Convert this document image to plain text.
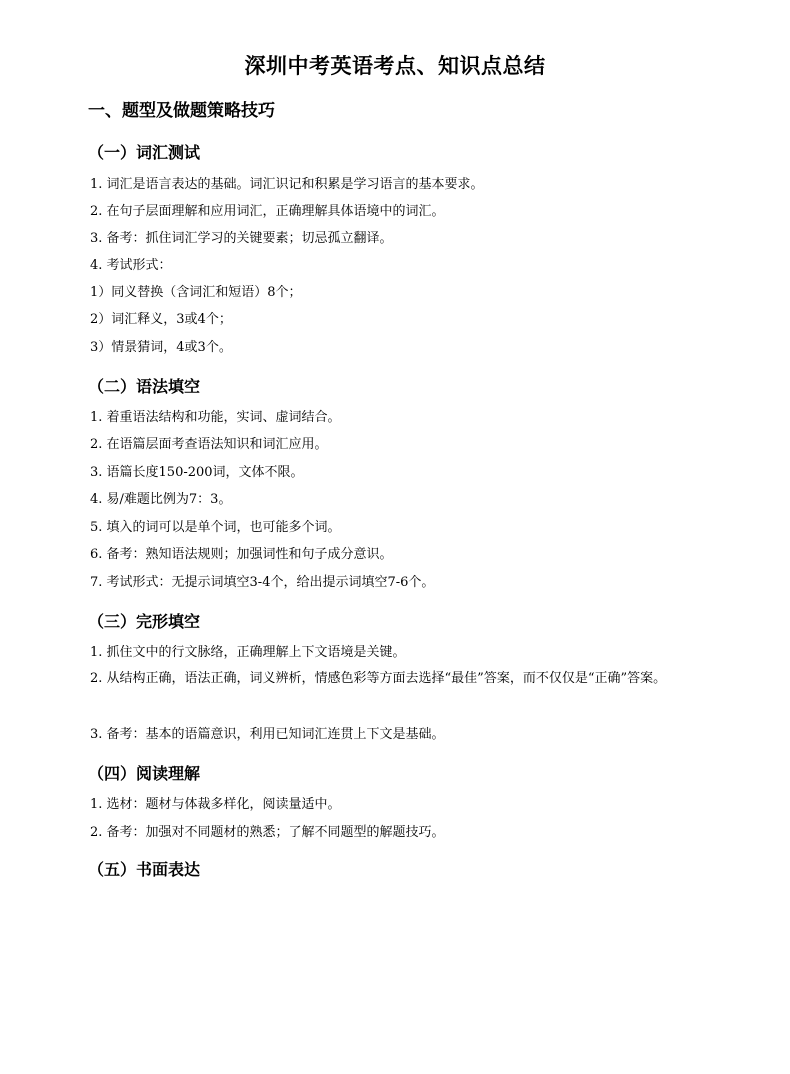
深圳中考英语考点、知识点总结
一、题型及做题策略技巧
（一）词汇测试
1. 词汇是语言表达的基础。词汇识记和积累是学习语言的基本要求。
2. 在句子层面理解和应用词汇，正确理解具体语境中的词汇。
3. 备考：抓住词汇学习的关键要素；切忌孤立翻译。
4. 考试形式：
1）同义替换（含词汇和短语）8个；
2）词汇释义，3或4个；
3）情景猜词，4或3个。
（二）语法填空
1. 着重语法结构和功能，实词、虚词结合。
2. 在语篇层面考查语法知识和词汇应用。
3. 语篇长度150-200词，文体不限。
4. 易/难题比例为7：3。
5. 填入的词可以是单个词，也可能多个词。
6. 备考：熟知语法规则；加强词性和句子成分意识。
7. 考试形式：无提示词填空3-4个，给出提示词填空7-6个。
（三）完形填空
1. 抓住文中的行文脉络，正确理解上下文语境是关键。
2. 从结构正确，语法正确，词义辨析，情感色彩等方面去选择“最佳”答案，而不仅仅是“正确”答案。
3. 备考：基本的语篇意识，利用已知词汇连贯上下文是基础。
（四）阅读理解
1. 选材：题材与体裁多样化，阅读量适中。
2. 备考：加强对不同题材的熟悉；了解不同题型的解题技巧。
（五）书面表达
